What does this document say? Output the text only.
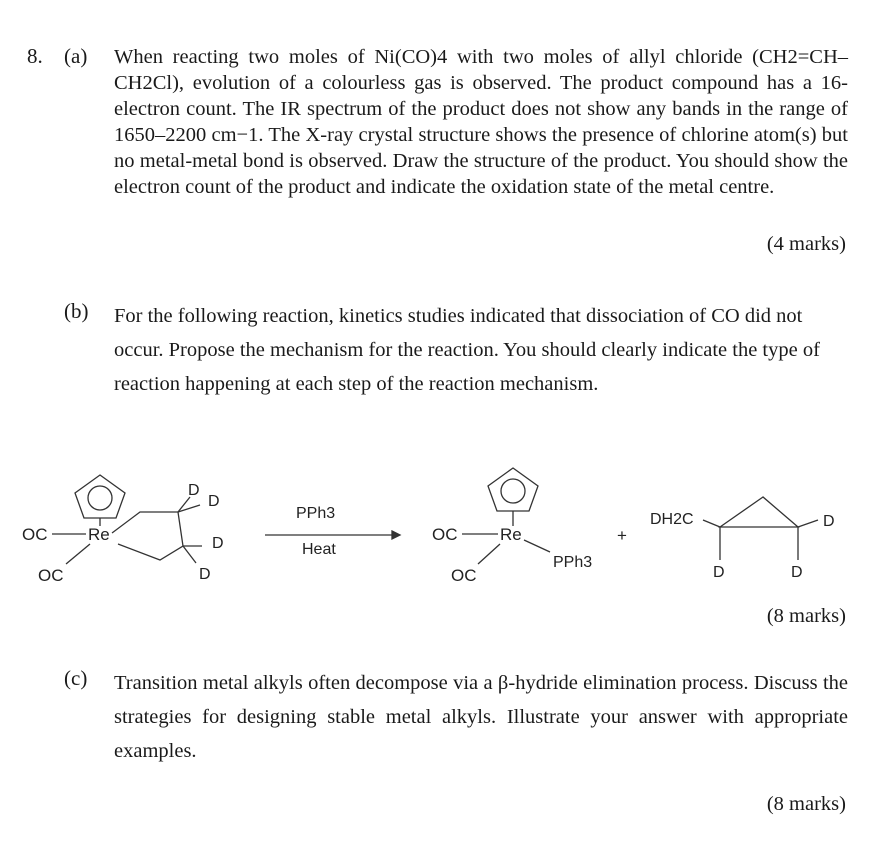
8. (a) When reacting two moles of Ni(CO)4 with two moles of allyl chloride (CH2=CH–CH2Cl), evolution of a colourless gas is observed. The product compound has a 16-electron count. The IR spectrum of the product does not show any bands in the range of 1650–2200 cm−1. The X-ray crystal structure shows the presence of chlorine atom(s) but no metal-metal bond is observed. Draw the structure of the product. You should show the electron count of the product and indicate the oxidation state of the metal centre.
(4 marks)
(b) For the following reaction, kinetics studies indicated that dissociation of CO did not occur. Propose the mechanism for the reaction. You should clearly indicate the type of reaction happening at each step of the reaction mechanism.
OC Re
OC
D
D
D
D
PPh3
Heat
OC	Re
OC
PPh3
+
DH2C	D
D	D
(8 marks)
(c) Transition metal alkyls often decompose via a β-hydride elimination process. Discuss the strategies for designing stable metal alkyls. Illustrate your answer with appropriate examples.
(8 marks)
